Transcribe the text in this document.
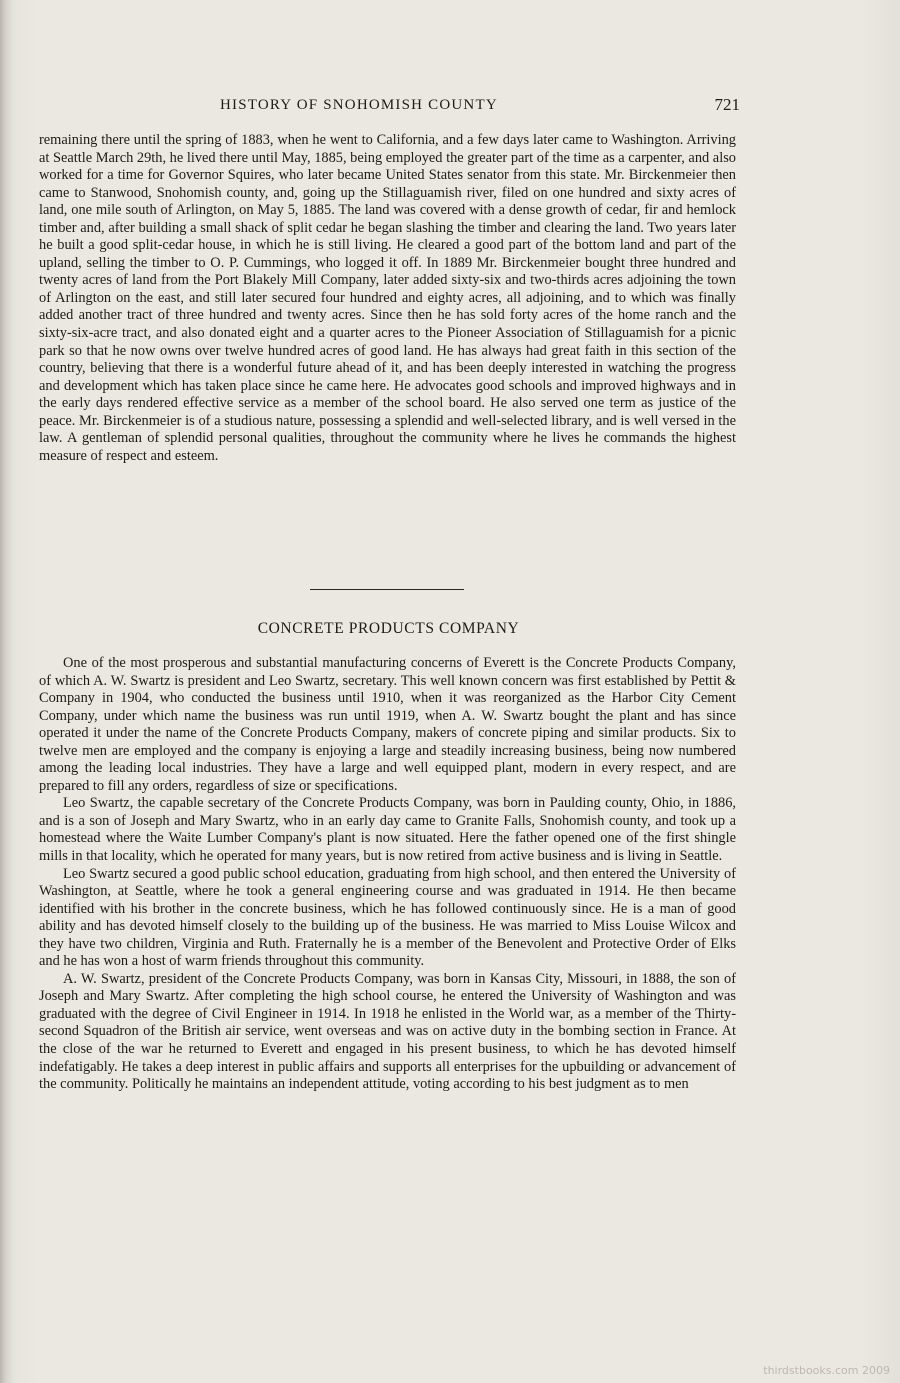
HISTORY OF SNOHOMISH COUNTY	721

remaining there until the spring of 1883, when he went to California, and a few days later came to Washington. Arriving at Seattle March 29th, he lived there until May, 1885, being employed the greater part of the time as a carpenter, and also worked for a time for Governor Squires, who later became United States senator from this state. Mr. Birckenmeier then came to Stanwood, Snohomish county, and, going up the Stillaguamish river, filed on one hundred and sixty acres of land, one mile south of Arlington, on May 5, 1885. The land was covered with a dense growth of cedar, fir and hemlock timber and, after building a small shack of split cedar he began slashing the timber and clearing the land. Two years later he built a good split-cedar house, in which he is still living. He cleared a good part of the bottom land and part of the upland, selling the timber to O. P. Cummings, who logged it off. In 1889 Mr. Birckenmeier bought three hundred and twenty acres of land from the Port Blakely Mill Company, later added sixty-six and two-thirds acres adjoining the town of Arlington on the east, and still later secured four hundred and eighty acres, all adjoining, and to which was finally added another tract of three hundred and twenty acres. Since then he has sold forty acres of the home ranch and the sixty-six-acre tract, and also donated eight and a quarter acres to the Pioneer Association of Stillaguamish for a picnic park so that he now owns over twelve hundred acres of good land. He has always had great faith in this section of the country, believing that there is a wonderful future ahead of it, and has been deeply interested in watching the progress and development which has taken place since he came here. He advocates good schools and improved highways and in the early days rendered effective service as a member of the school board. He also served one term as justice of the peace. Mr. Birckenmeier is of a studious nature, possessing a splendid and well-selected library, and is well versed in the law. A gentleman of splendid personal qualities, throughout the community where he lives he commands the highest measure of respect and esteem.

CONCRETE PRODUCTS COMPANY

One of the most prosperous and substantial manufacturing concerns of Everett is the Concrete Products Company, of which A. W. Swartz is president and Leo Swartz, secretary. This well known concern was first established by Pettit & Company in 1904, who conducted the business until 1910, when it was reorganized as the Harbor City Cement Company, under which name the business was run until 1919, when A. W. Swartz bought the plant and has since operated it under the name of the Concrete Products Company, makers of concrete piping and similar products. Six to twelve men are employed and the company is enjoying a large and steadily increasing business, being now numbered among the leading local industries. They have a large and well equipped plant, modern in every respect, and are prepared to fill any orders, regardless of size or specifications.

Leo Swartz, the capable secretary of the Concrete Products Company, was born in Paulding county, Ohio, in 1886, and is a son of Joseph and Mary Swartz, who in an early day came to Granite Falls, Snohomish county, and took up a homestead where the Waite Lumber Company's plant is now situated. Here the father opened one of the first shingle mills in that locality, which he operated for many years, but is now retired from active business and is living in Seattle.

Leo Swartz secured a good public school education, graduating from high school, and then entered the University of Washington, at Seattle, where he took a general engineering course and was graduated in 1914. He then became identified with his brother in the concrete business, which he has followed continuously since. He is a man of good ability and has devoted himself closely to the building up of the business. He was married to Miss Louise Wilcox and they have two children, Virginia and Ruth. Fraternally he is a member of the Benevolent and Protective Order of Elks and he has won a host of warm friends throughout this community.

A. W. Swartz, president of the Concrete Products Company, was born in Kansas City, Missouri, in 1888, the son of Joseph and Mary Swartz. After completing the high school course, he entered the University of Washington and was graduated with the degree of Civil Engineer in 1914. In 1918 he enlisted in the World war, as a member of the Thirty-second Squadron of the British air service, went overseas and was on active duty in the bombing section in France. At the close of the war he returned to Everett and engaged in his present business, to which he has devoted himself indefatigably. He takes a deep interest in public affairs and supports all enterprises for the upbuilding or advancement of the community. Politically he maintains an independent attitude, voting according to his best judgment as to men

thirdstbooks.com 2009
